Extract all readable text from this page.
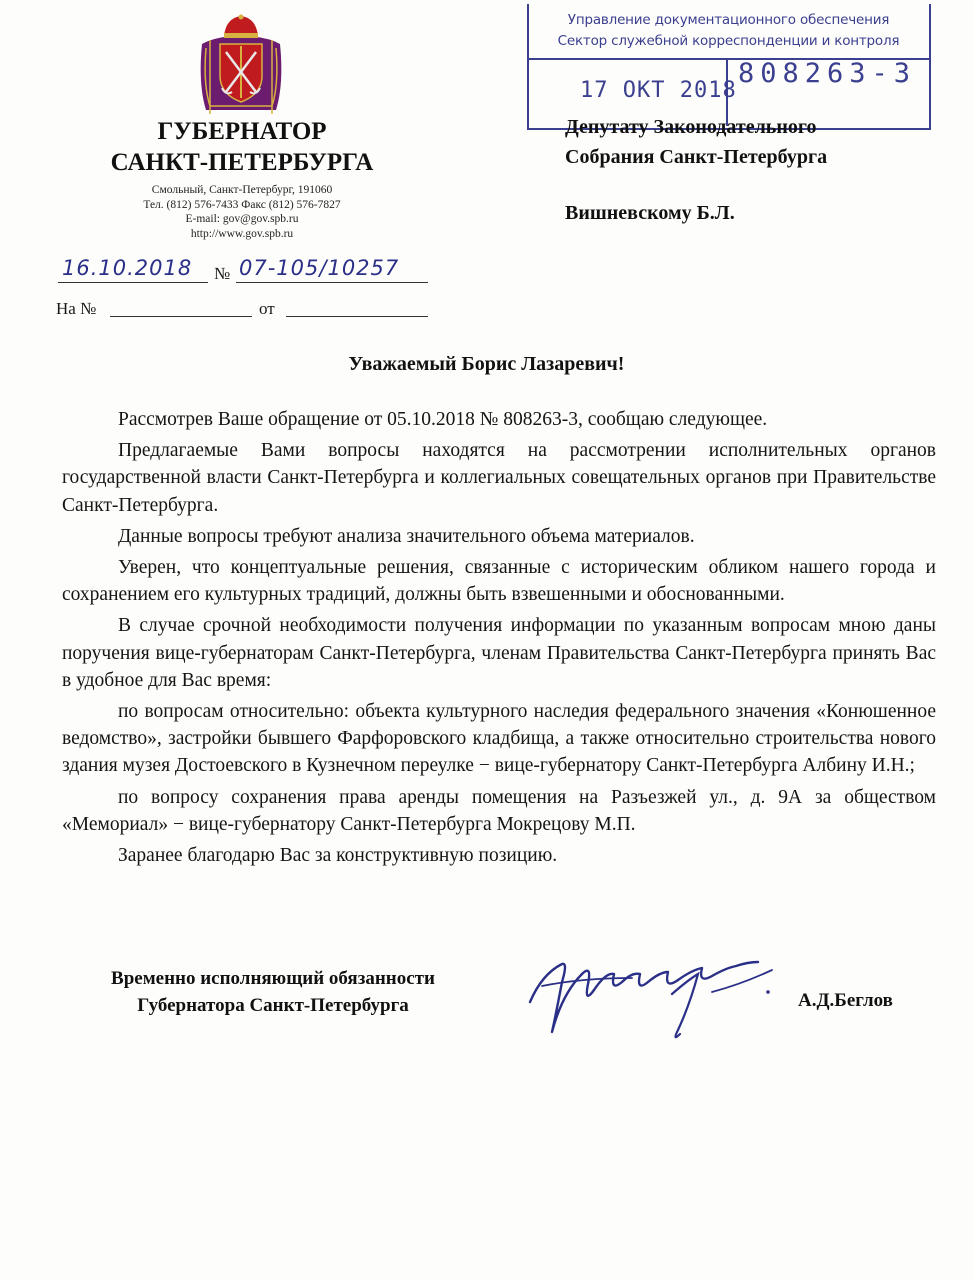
ГУБЕРНАТОР
САНКТ-ПЕТЕРБУРГА
Смольный, Санкт-Петербург, 191060
Тел. (812) 576-7433 Факс (812) 576-7827
E-mail: gov@gov.spb.ru
http://www.gov.spb.ru
16.10.2018 № 07-105/10257
На №	от
Управление документационного обеспечения
Сектор служебной корреспонденции и контроля
17 ОКТ 2018
808263-3
Депутату Законодательного
Собрания Санкт-Петербурга
Вишневскому Б.Л.
Уважаемый Борис Лазаревич!

Рассмотрев Ваше обращение от 05.10.2018 № 808263-3, сообщаю следующее.

Предлагаемые Вами вопросы находятся на рассмотрении исполнительных органов государственной власти Санкт-Петербурга и коллегиальных совещательных органов при Правительстве Санкт-Петербурга.

Данные вопросы требуют анализа значительного объема материалов.

Уверен, что концептуальные решения, связанные с историческим обликом нашего города и сохранением его культурных традиций, должны быть взвешенными и обоснованными.

В случае срочной необходимости получения информации по указанным вопросам мною даны поручения вице-губернаторам Санкт-Петербурга, членам Правительства Санкт-Петербурга принять Вас в удобное для Вас время:

по вопросам относительно: объекта культурного наследия федерального значения «Конюшенное ведомство», застройки бывшего Фарфоровского кладбища, а также относительно строительства нового здания музея Достоевского в Кузнечном переулке − вице-губернатору Санкт-Петербурга Албину И.Н.;

по вопросу сохранения права аренды помещения на Разъезжей ул., д. 9А за обществом «Мемориал» − вице-губернатору Санкт-Петербурга Мокрецову М.П.

Заранее благодарю Вас за конструктивную позицию.

Временно исполняющий обязанности
Губернатора Санкт-Петербурга	А.Д.Беглов
